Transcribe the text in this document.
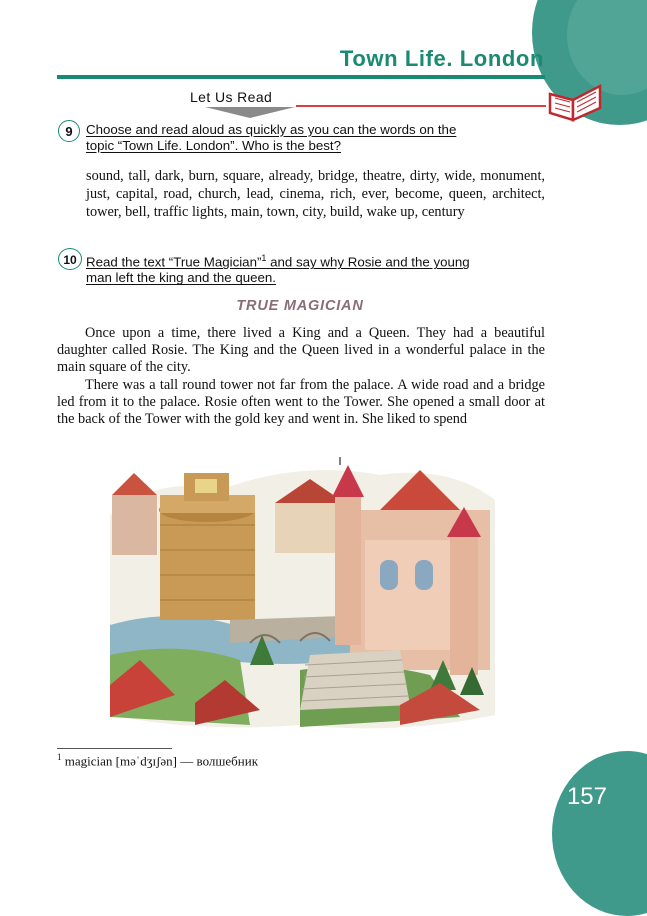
Town Life. London
Let Us Read
9	Choose and read aloud as quickly as you can the words on the
topic “Town Life. London”. Who is the best?
sound, tall, dark, burn, square, already, bridge, theatre, dirty, wide, monument, just, capital, road, church, lead, cinema, rich, ever, become, queen, architect, tower, bell, traffic lights, main, town, city, build, wake up, century
10 Read the text “True Magician”$^1$ and say why Rosie and the young
man left the king and the queen.
TRUE MAGICIAN

Once upon a time, there lived a King and a Queen. They had a beautiful daughter called Rosie. The King and the Queen lived in a wonderful palace in the main square of the city.

There was a tall round tower not far from the palace. A wide road and a bridge led from it to the palace. Rosie often went to the Tower. She opened a small door at the back of the Tower with the gold key and went in. She liked to spend

$^1$ magician [məˈdʒɪʃən] — волшебник
157
